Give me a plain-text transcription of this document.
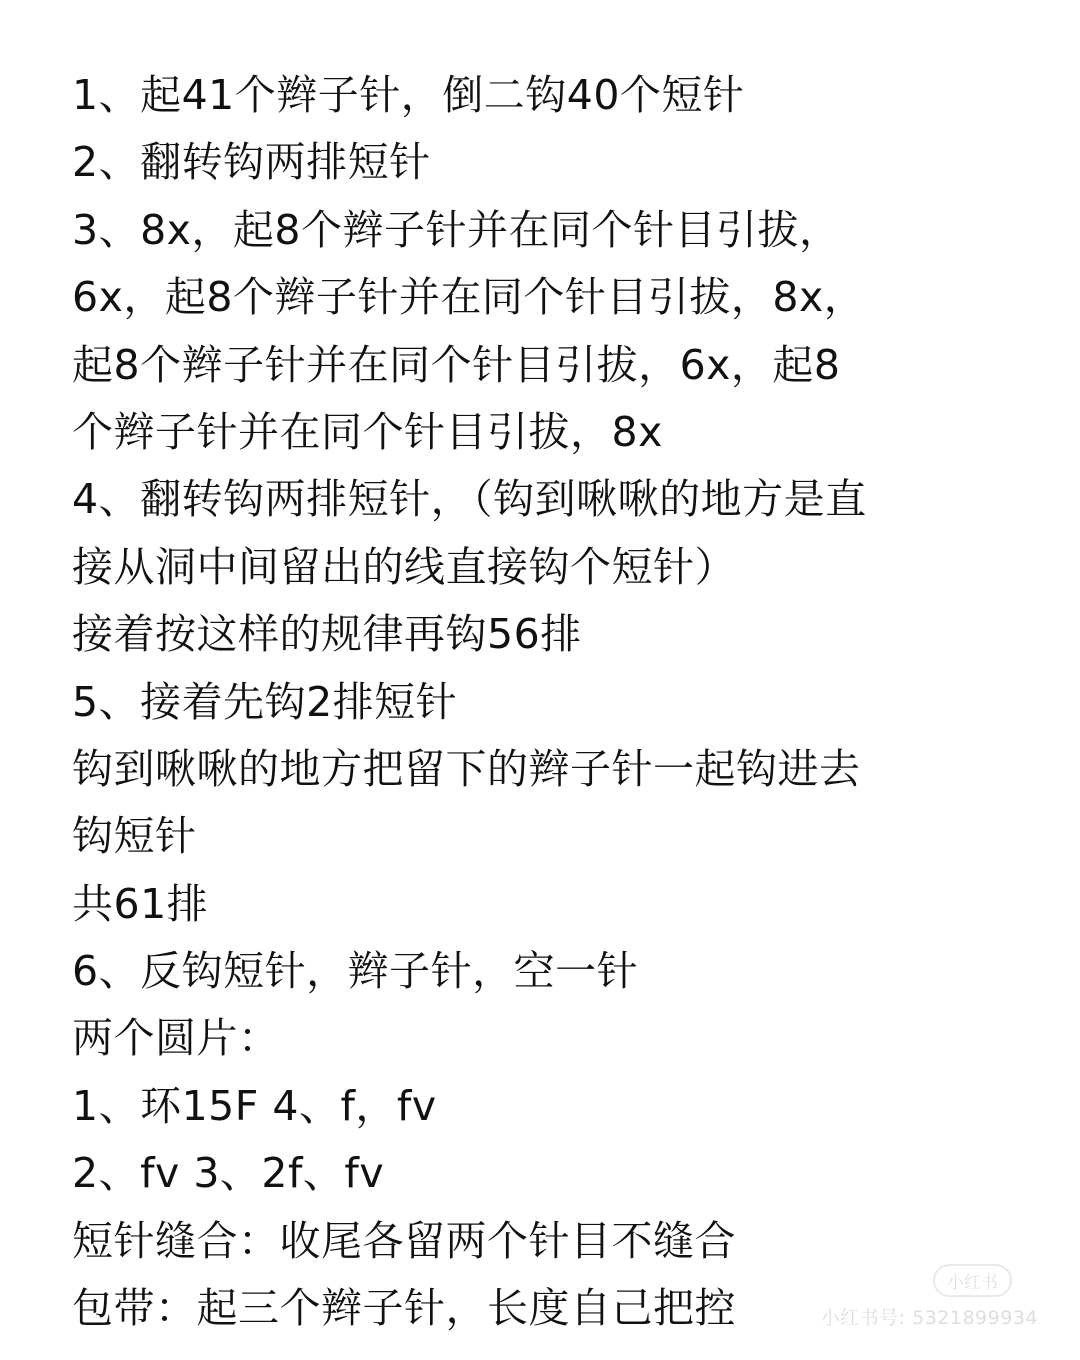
1、起41个辫子针，倒二钩40个短针
2、翻转钩两排短针
3、8x，起8个辫子针并在同个针目引拔，
6x，起8个辫子针并在同个针目引拔，8x，
起8个辫子针并在同个针目引拔，6x，起8
个辫子针并在同个针目引拔，8x
4、翻转钩两排短针，（钩到啾啾的地方是直
接从洞中间留出的线直接钩个短针）
接着按这样的规律再钩56排
5、接着先钩2排短针
钩到啾啾的地方把留下的辫子针一起钩进去
钩短针
共61排
6、反钩短针，辫子针，空一针
两个圆片：
1、环15F 4、f，fv
2、fv 3、2f、fv
短针缝合：收尾各留两个针目不缝合
包带：起三个辫子针，长度自己把控
小红书
小红书号: 5321899934
